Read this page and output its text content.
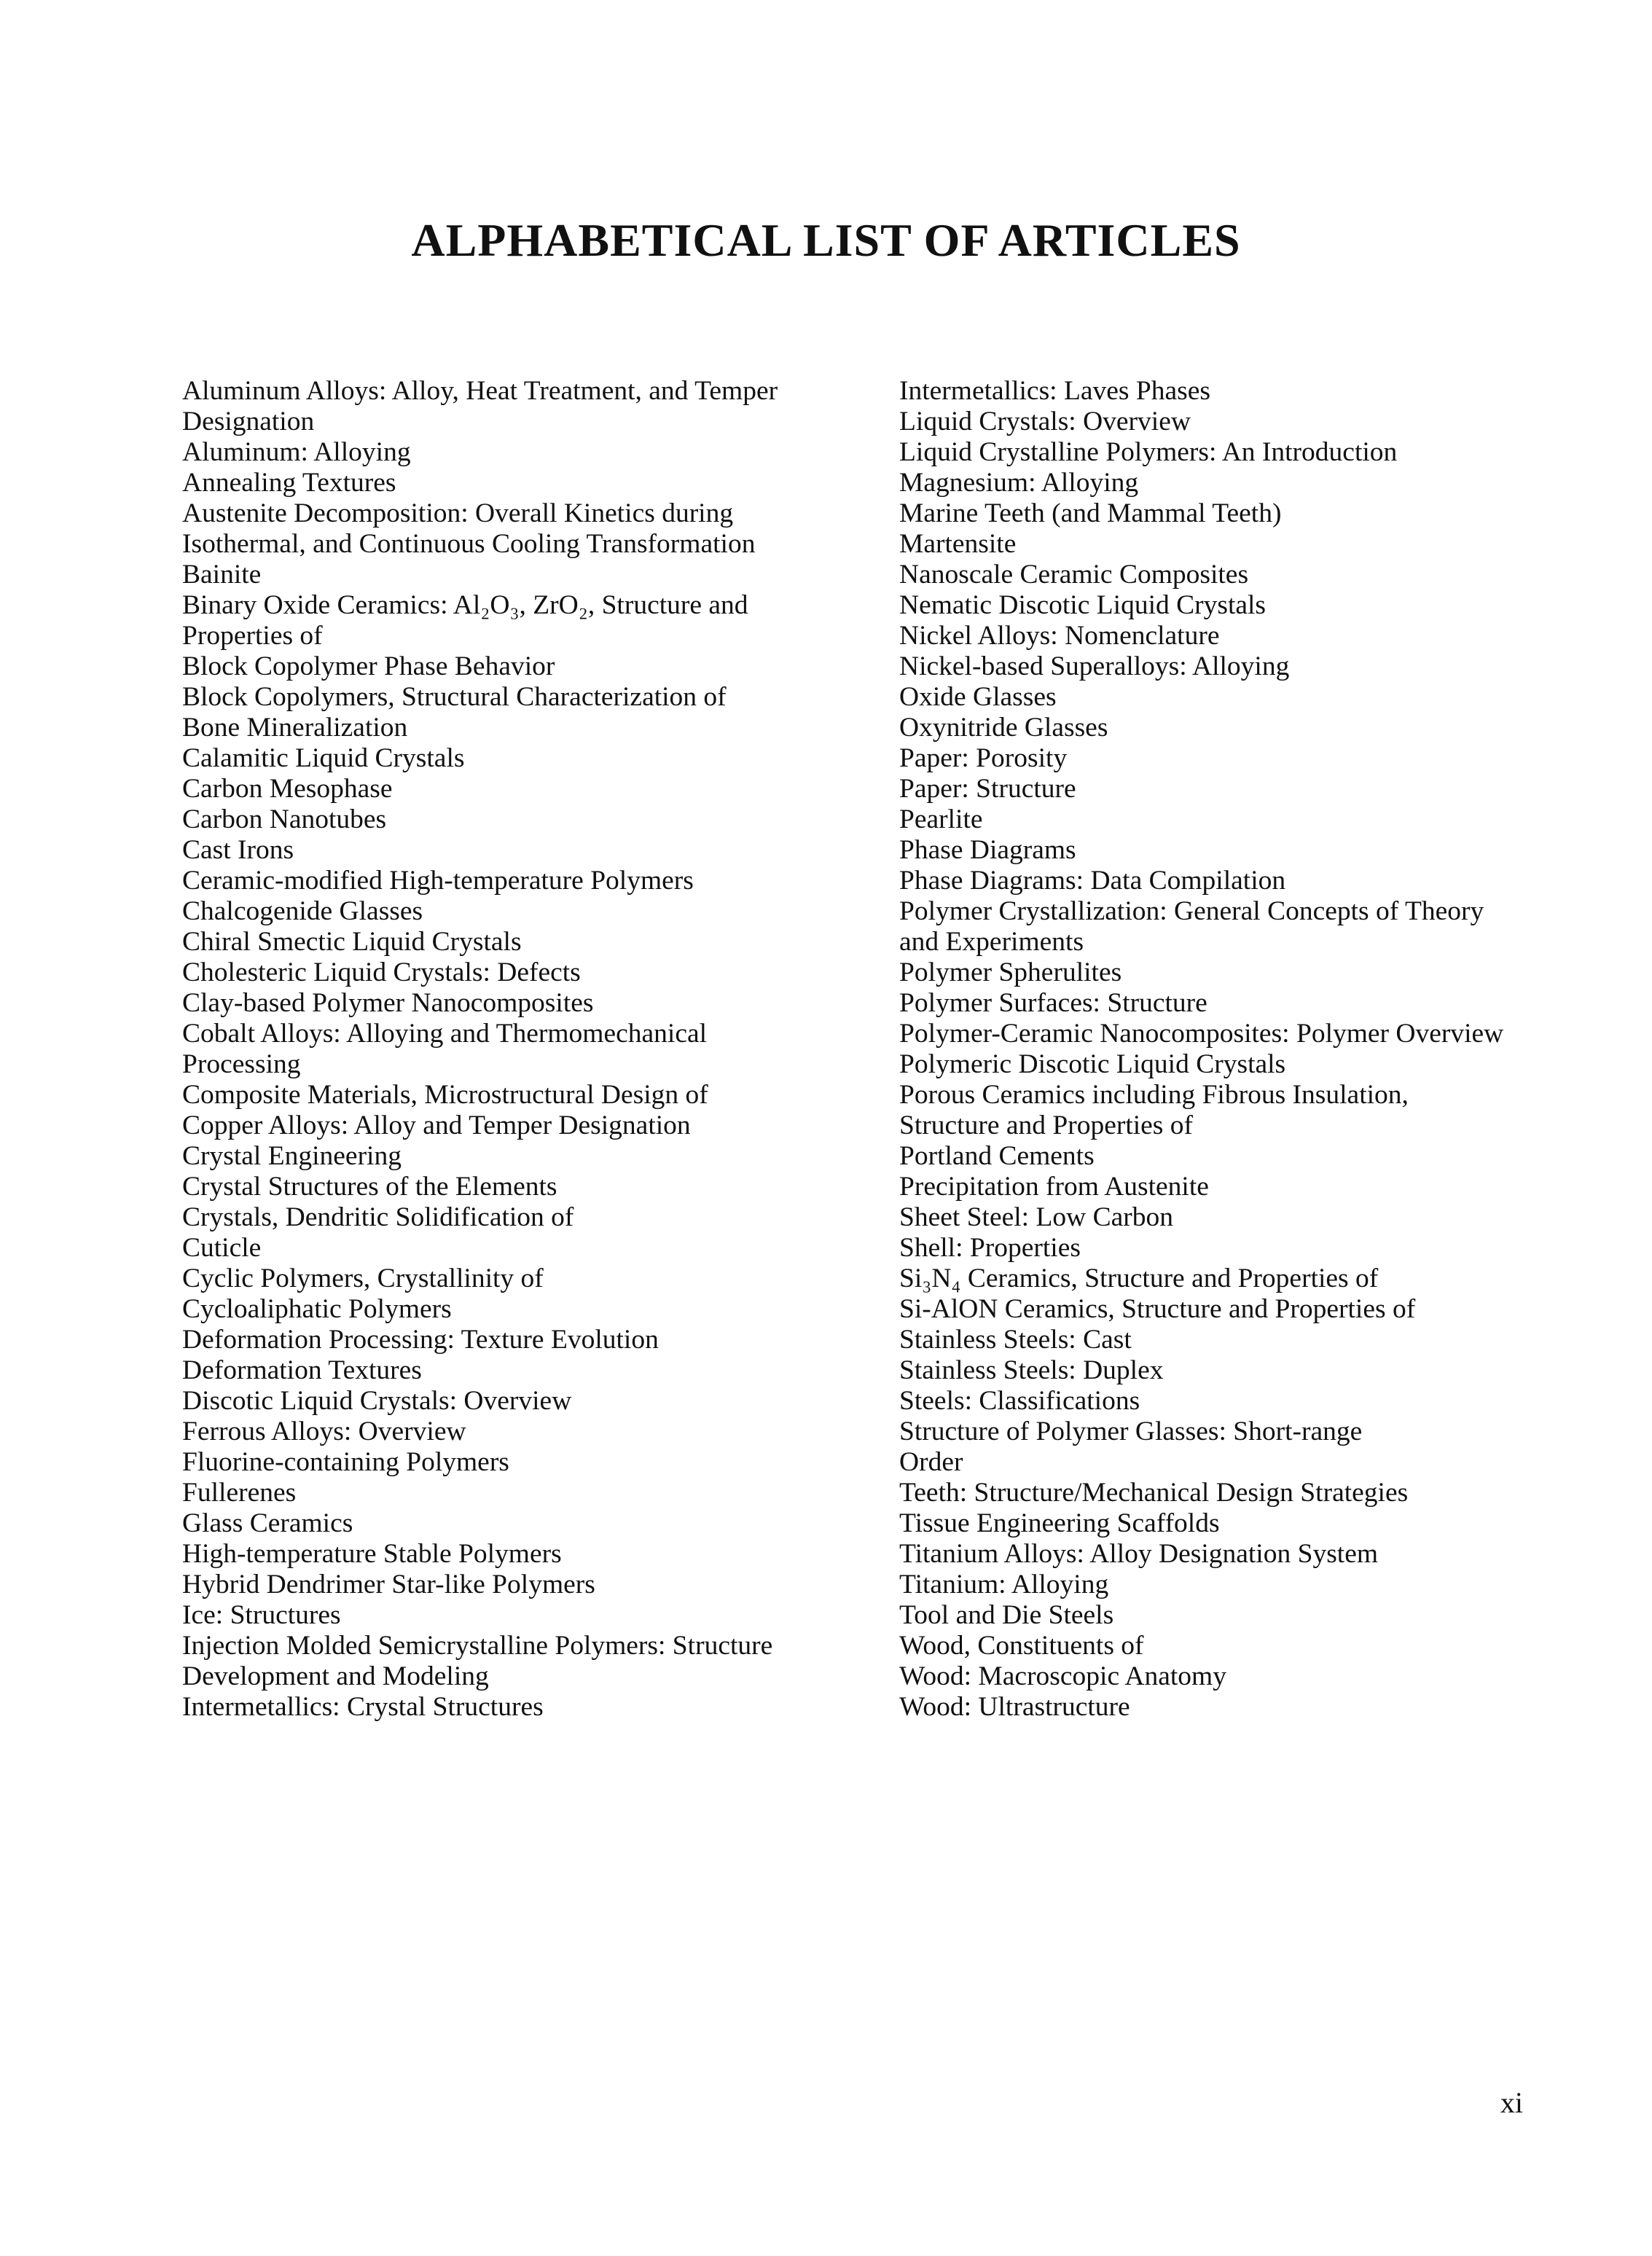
ALPHABETICAL LIST OF ARTICLES
Aluminum Alloys: Alloy, Heat Treatment, and Temper
Designation
Aluminum: Alloying
Annealing Textures
Austenite Decomposition: Overall Kinetics during
Isothermal, and Continuous Cooling Transformation
Bainite
Binary Oxide Ceramics: Al₂O₃, ZrO₂, Structure and
Properties of
Block Copolymer Phase Behavior
Block Copolymers, Structural Characterization of
Bone Mineralization
Calamitic Liquid Crystals
Carbon Mesophase
Carbon Nanotubes
Cast Irons
Ceramic-modified High-temperature Polymers
Chalcogenide Glasses
Chiral Smectic Liquid Crystals
Cholesteric Liquid Crystals: Defects
Clay-based Polymer Nanocomposites
Cobalt Alloys: Alloying and Thermomechanical
Processing
Composite Materials, Microstructural Design of
Copper Alloys: Alloy and Temper Designation
Crystal Engineering
Crystal Structures of the Elements
Crystals, Dendritic Solidification of
Cuticle
Cyclic Polymers, Crystallinity of
Cycloaliphatic Polymers
Deformation Processing: Texture Evolution
Deformation Textures
Discotic Liquid Crystals: Overview
Ferrous Alloys: Overview
Fluorine-containing Polymers
Fullerenes
Glass Ceramics
High-temperature Stable Polymers
Hybrid Dendrimer Star-like Polymers
Ice: Structures
Injection Molded Semicrystalline Polymers: Structure
Development and Modeling
Intermetallics: Crystal Structures
Intermetallics: Laves Phases
Liquid Crystals: Overview
Liquid Crystalline Polymers: An Introduction
Magnesium: Alloying
Marine Teeth (and Mammal Teeth)
Martensite
Nanoscale Ceramic Composites
Nematic Discotic Liquid Crystals
Nickel Alloys: Nomenclature
Nickel-based Superalloys: Alloying
Oxide Glasses
Oxynitride Glasses
Paper: Porosity
Paper: Structure
Pearlite
Phase Diagrams
Phase Diagrams: Data Compilation
Polymer Crystallization: General Concepts of Theory
and Experiments
Polymer Spherulites
Polymer Surfaces: Structure
Polymer-Ceramic Nanocomposites: Polymer Overview
Polymeric Discotic Liquid Crystals
Porous Ceramics including Fibrous Insulation,
Structure and Properties of
Portland Cements
Precipitation from Austenite
Sheet Steel: Low Carbon
Shell: Properties
Si₃N₄ Ceramics, Structure and Properties of
Si-AlON Ceramics, Structure and Properties of
Stainless Steels: Cast
Stainless Steels: Duplex
Steels: Classifications
Structure of Polymer Glasses: Short-range
Order
Teeth: Structure/Mechanical Design Strategies
Tissue Engineering Scaffolds
Titanium Alloys: Alloy Designation System
Titanium: Alloying
Tool and Die Steels
Wood, Constituents of
Wood: Macroscopic Anatomy
Wood: Ultrastructure
xi
